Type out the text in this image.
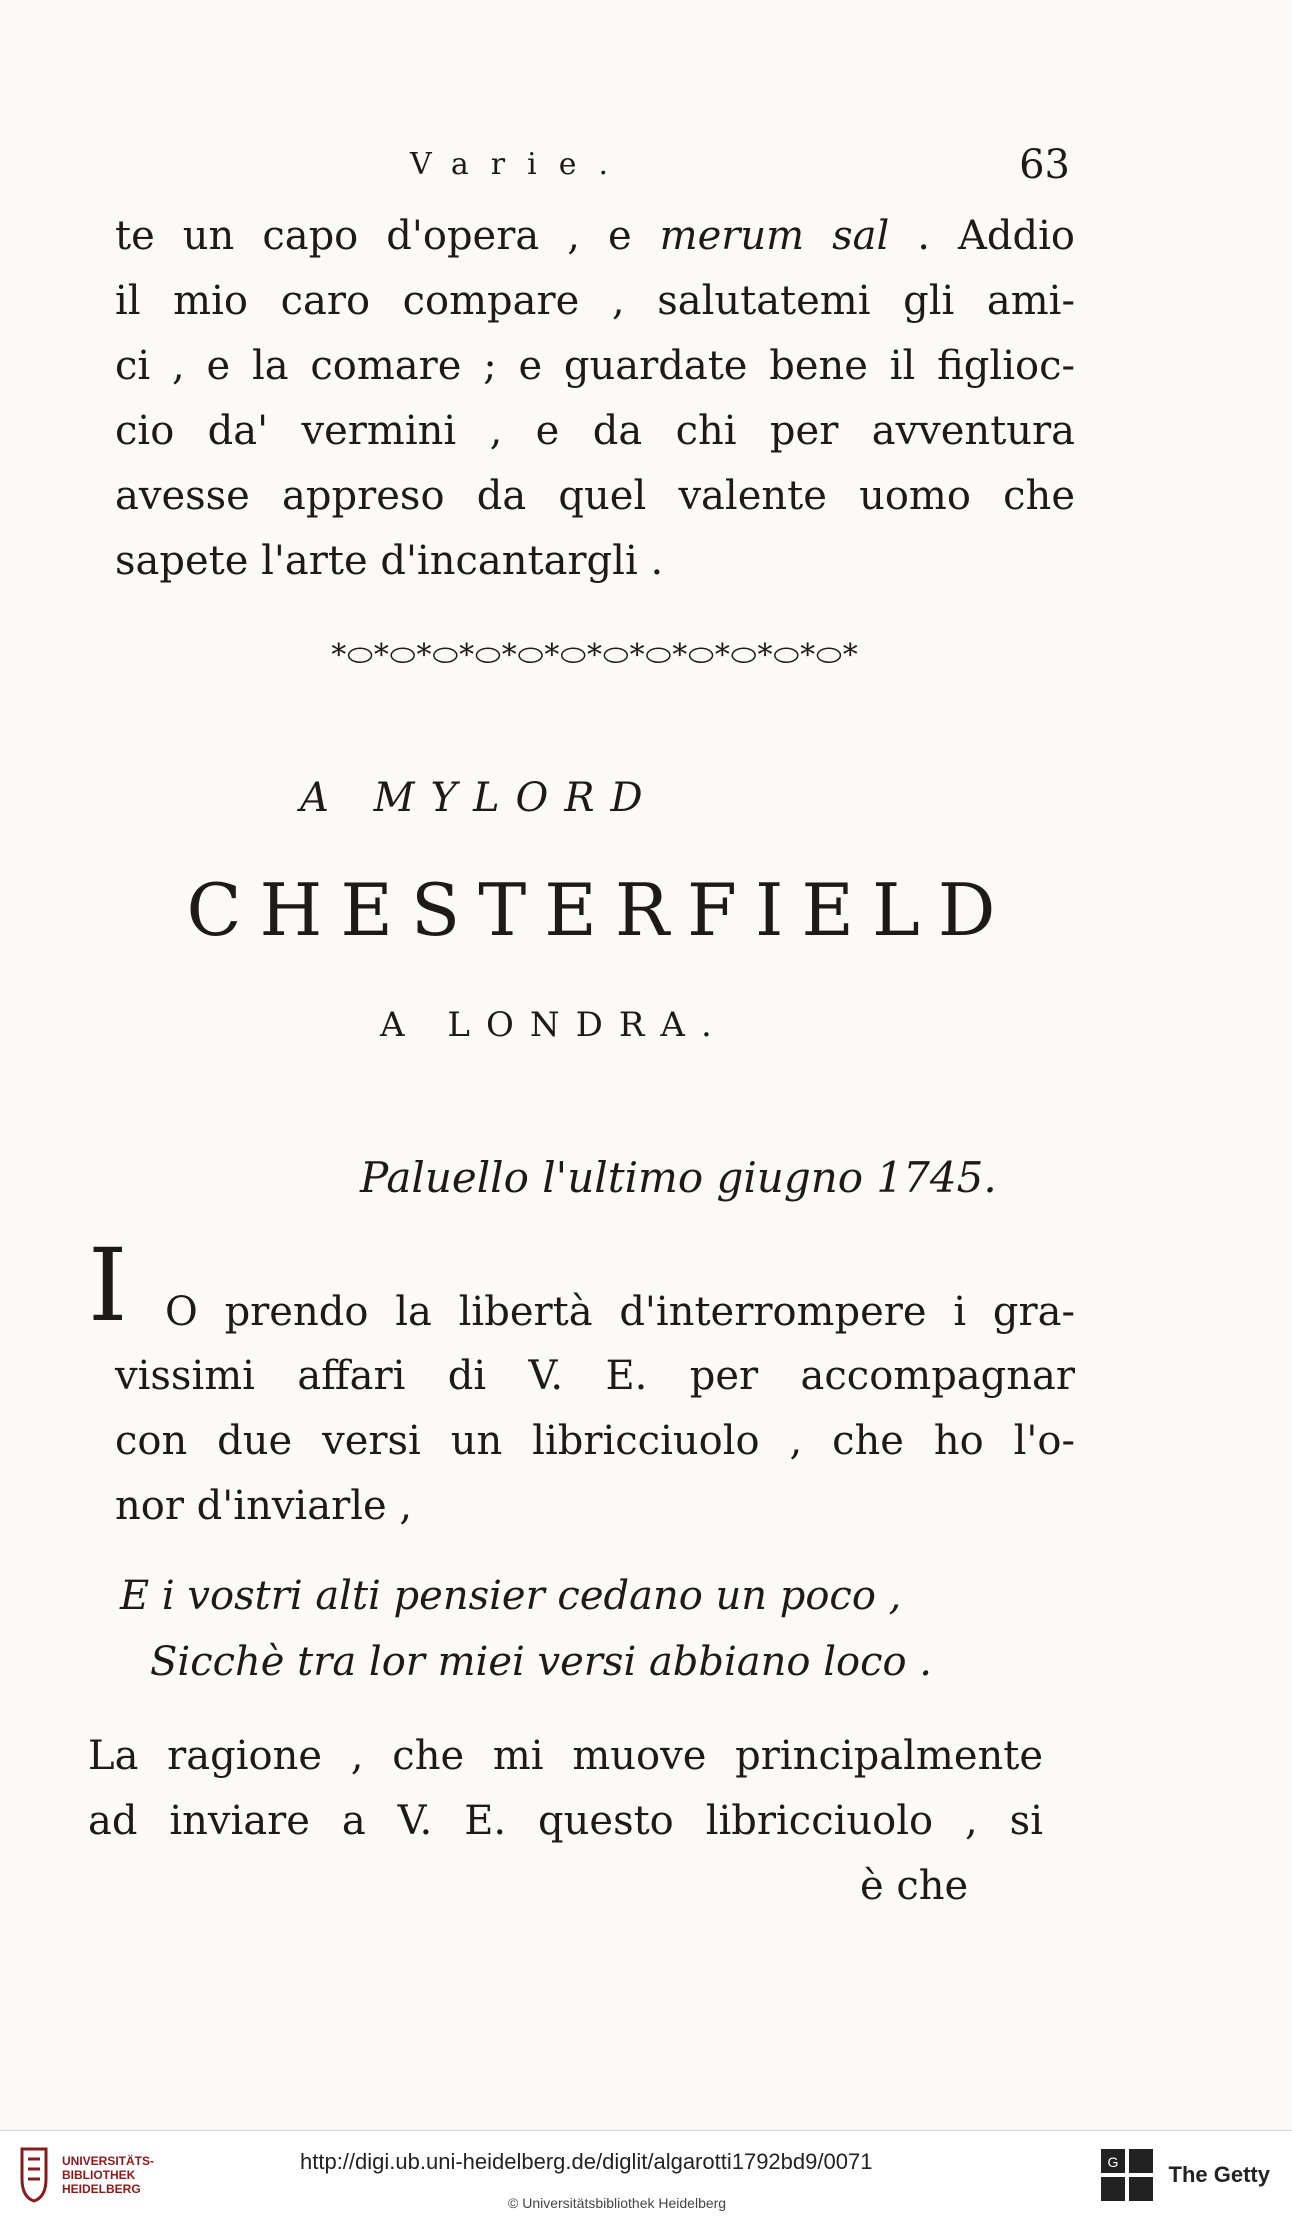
Varie.	63
te un capo d'opera , e merum sal . Addio
il mio caro compare , salutatemi gli ami-
ci , e la comare ; e guardate bene il figlioc-
cio da' vermini , e da chi per avventura
avesse appreso da quel valente uomo che
sapete l'arte d'incantargli .
*⬭*⬭*⬭*⬭*⬭*⬭*⬭*⬭*⬭*⬭*⬭*⬭*
A MYLORD
CHESTERFIELD
A LONDRA.
Paluello l'ultimo giugno 1745.
I O prendo la libertà d'interrompere i gra-
vissimi affari di V. E. per accompagnar
con due versi un libricciuolo , che ho l'o-
nor d'inviarle ,
E i vostri alti pensier cedano un poco ,
Sicchè tra lor miei versi abbiano loco .
La ragione , che mi muove principalmente
ad inviare a V. E. questo libricciuolo , si
è che
UNIVERSITÄTS-
BIBLIOTHEK
HEIDELBERG
http://digi.ub.uni-heidelberg.de/diglit/algarotti1792bd9/0071
© Universitätsbibliothek Heidelberg
G The Getty
